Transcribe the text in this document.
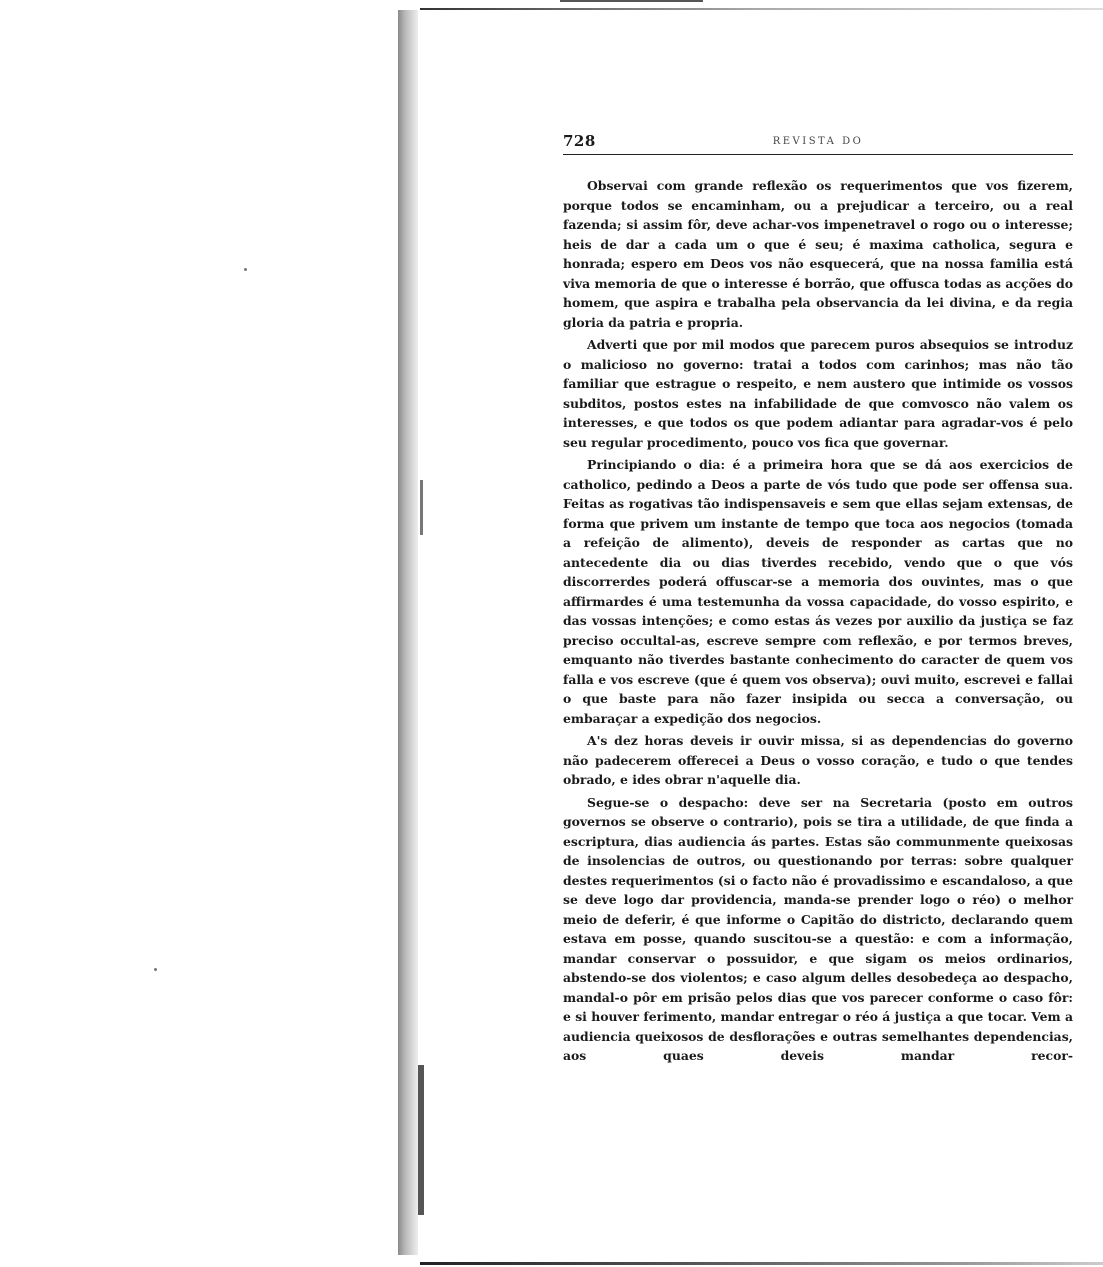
728	REVISTA DO

Observai com grande reflexão os requerimentos que vos fizerem, porque todos se encaminham, ou a prejudicar a terceiro, ou a real fazenda; si assim fôr, deve achar-vos impenetravel o rogo ou o interesse; heis de dar a cada um o que é seu; é maxima catholica, segura e honrada; espero em Deos vos não esquecerá, que na nossa familia está viva memoria de que o interesse é borrão, que offusca todas as acções do homem, que aspira e trabalha pela observancia da lei divina, e da regia gloria da patria e propria.

Adverti que por mil modos que parecem puros absequios se introduz o malicioso no governo: tratai a todos com carinhos; mas não tão familiar que estrague o respeito, e nem austero que intimide os vossos subditos, postos estes na infabilidade de que comvosco não valem os interesses, e que todos os que podem adiantar para agradar-vos é pelo seu regular procedimento, pouco vos fica que governar.

Principiando o dia: é a primeira hora que se dá aos exercicios de catholico, pedindo a Deos a parte de vós tudo que pode ser offensa sua. Feitas as rogativas tão indispensaveis e sem que ellas sejam extensas, de forma que privem um instante de tempo que toca aos negocios (tomada a refeição de alimento), deveis de responder as cartas que no antecedente dia ou dias tiverdes recebido, vendo que o que vós discorrerdes poderá offuscar-se a memoria dos ouvintes, mas o que affirmardes é uma testemunha da vossa capacidade, do vosso espirito, e das vossas intenções; e como estas ás vezes por auxilio da justiça se faz preciso occultal-as, escreve sempre com reflexão, e por termos breves, emquanto não tiverdes bastante conhecimento do caracter de quem vos falla e vos escreve (que é quem vos observa); ouvi muito, escrevei e fallai o que baste para não fazer insipida ou secca a conversação, ou embaraçar a expedição dos negocios.

A's dez horas deveis ir ouvir missa, si as dependencias do governo não padecerem offerecei a Deus o vosso coração, e tudo o que tendes obrado, e ides obrar n'aquelle dia.

Segue-se o despacho: deve ser na Secretaria (posto em outros governos se observe o contrario), pois se tira a utilidade, de que finda a escriptura, dias audiencia ás partes. Estas são communmente queixosas de insolencias de outros, ou questionando por terras: sobre qualquer destes requerimentos (si o facto não é provadissimo e escandaloso, a que se deve logo dar providencia, manda-se prender logo o réo) o melhor meio de deferir, é que informe o Capitão do districto, declarando quem estava em posse, quando suscitou-se a questão: e com a informação, mandar conservar o possuidor, e que sigam os meios ordinarios, abstendo-se dos violentos; e caso algum delles desobedeça ao despacho, mandal-o pôr em prisão pelos dias que vos parecer conforme o caso fôr: e si houver ferimento, mandar entregar o réo á justiça a que tocar. Vem a audiencia queixosos de desflorações e outras semelhantes dependencias, aos quaes deveis mandar recor-
